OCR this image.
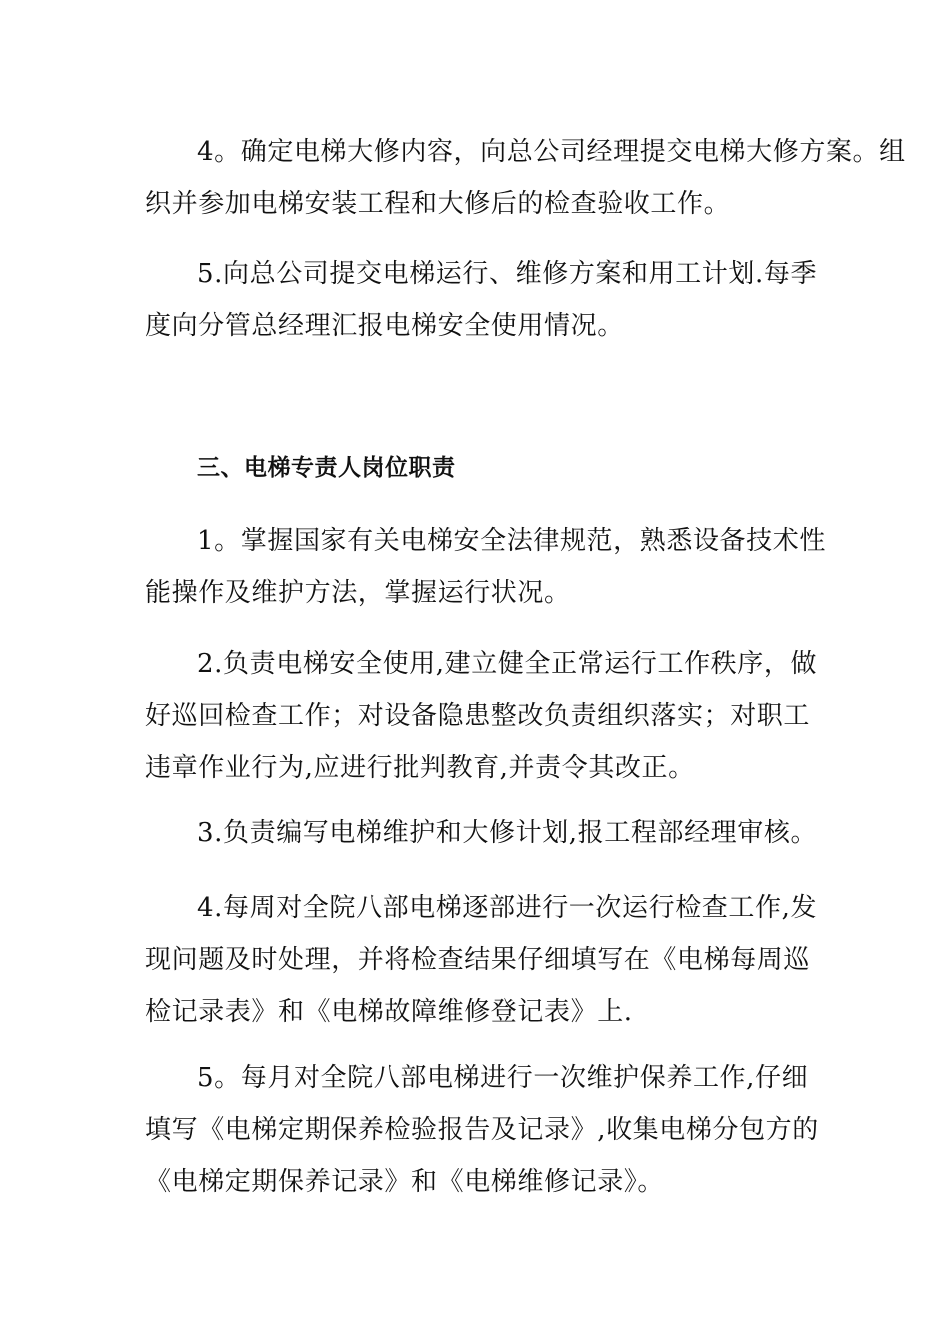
4。确定电梯大修内容，向总公司经理提交电梯大修方案。组
织并参加电梯安装工程和大修后的检查验收工作。
5.向总公司提交电梯运行、维修方案和用工计划.每季
度向分管总经理汇报电梯安全使用情况。
三、电梯专责人岗位职责
1。掌握国家有关电梯安全法律规范，熟悉设备技术性
能操作及维护方法，掌握运行状况。
2.负责电梯安全使用,建立健全正常运行工作秩序，做
好巡回检查工作；对设备隐患整改负责组织落实；对职工
违章作业行为,应进行批判教育,并责令其改正。
3.负责编写电梯维护和大修计划,报工程部经理审核。
4.每周对全院八部电梯逐部进行一次运行检查工作,发
现问题及时处理，并将检查结果仔细填写在《电梯每周巡
检记录表》和《电梯故障维修登记表》上.
5。每月对全院八部电梯进行一次维护保养工作,仔细
填写《电梯定期保养检验报告及记录》,收集电梯分包方的
《电梯定期保养记录》和《电梯维修记录》。
